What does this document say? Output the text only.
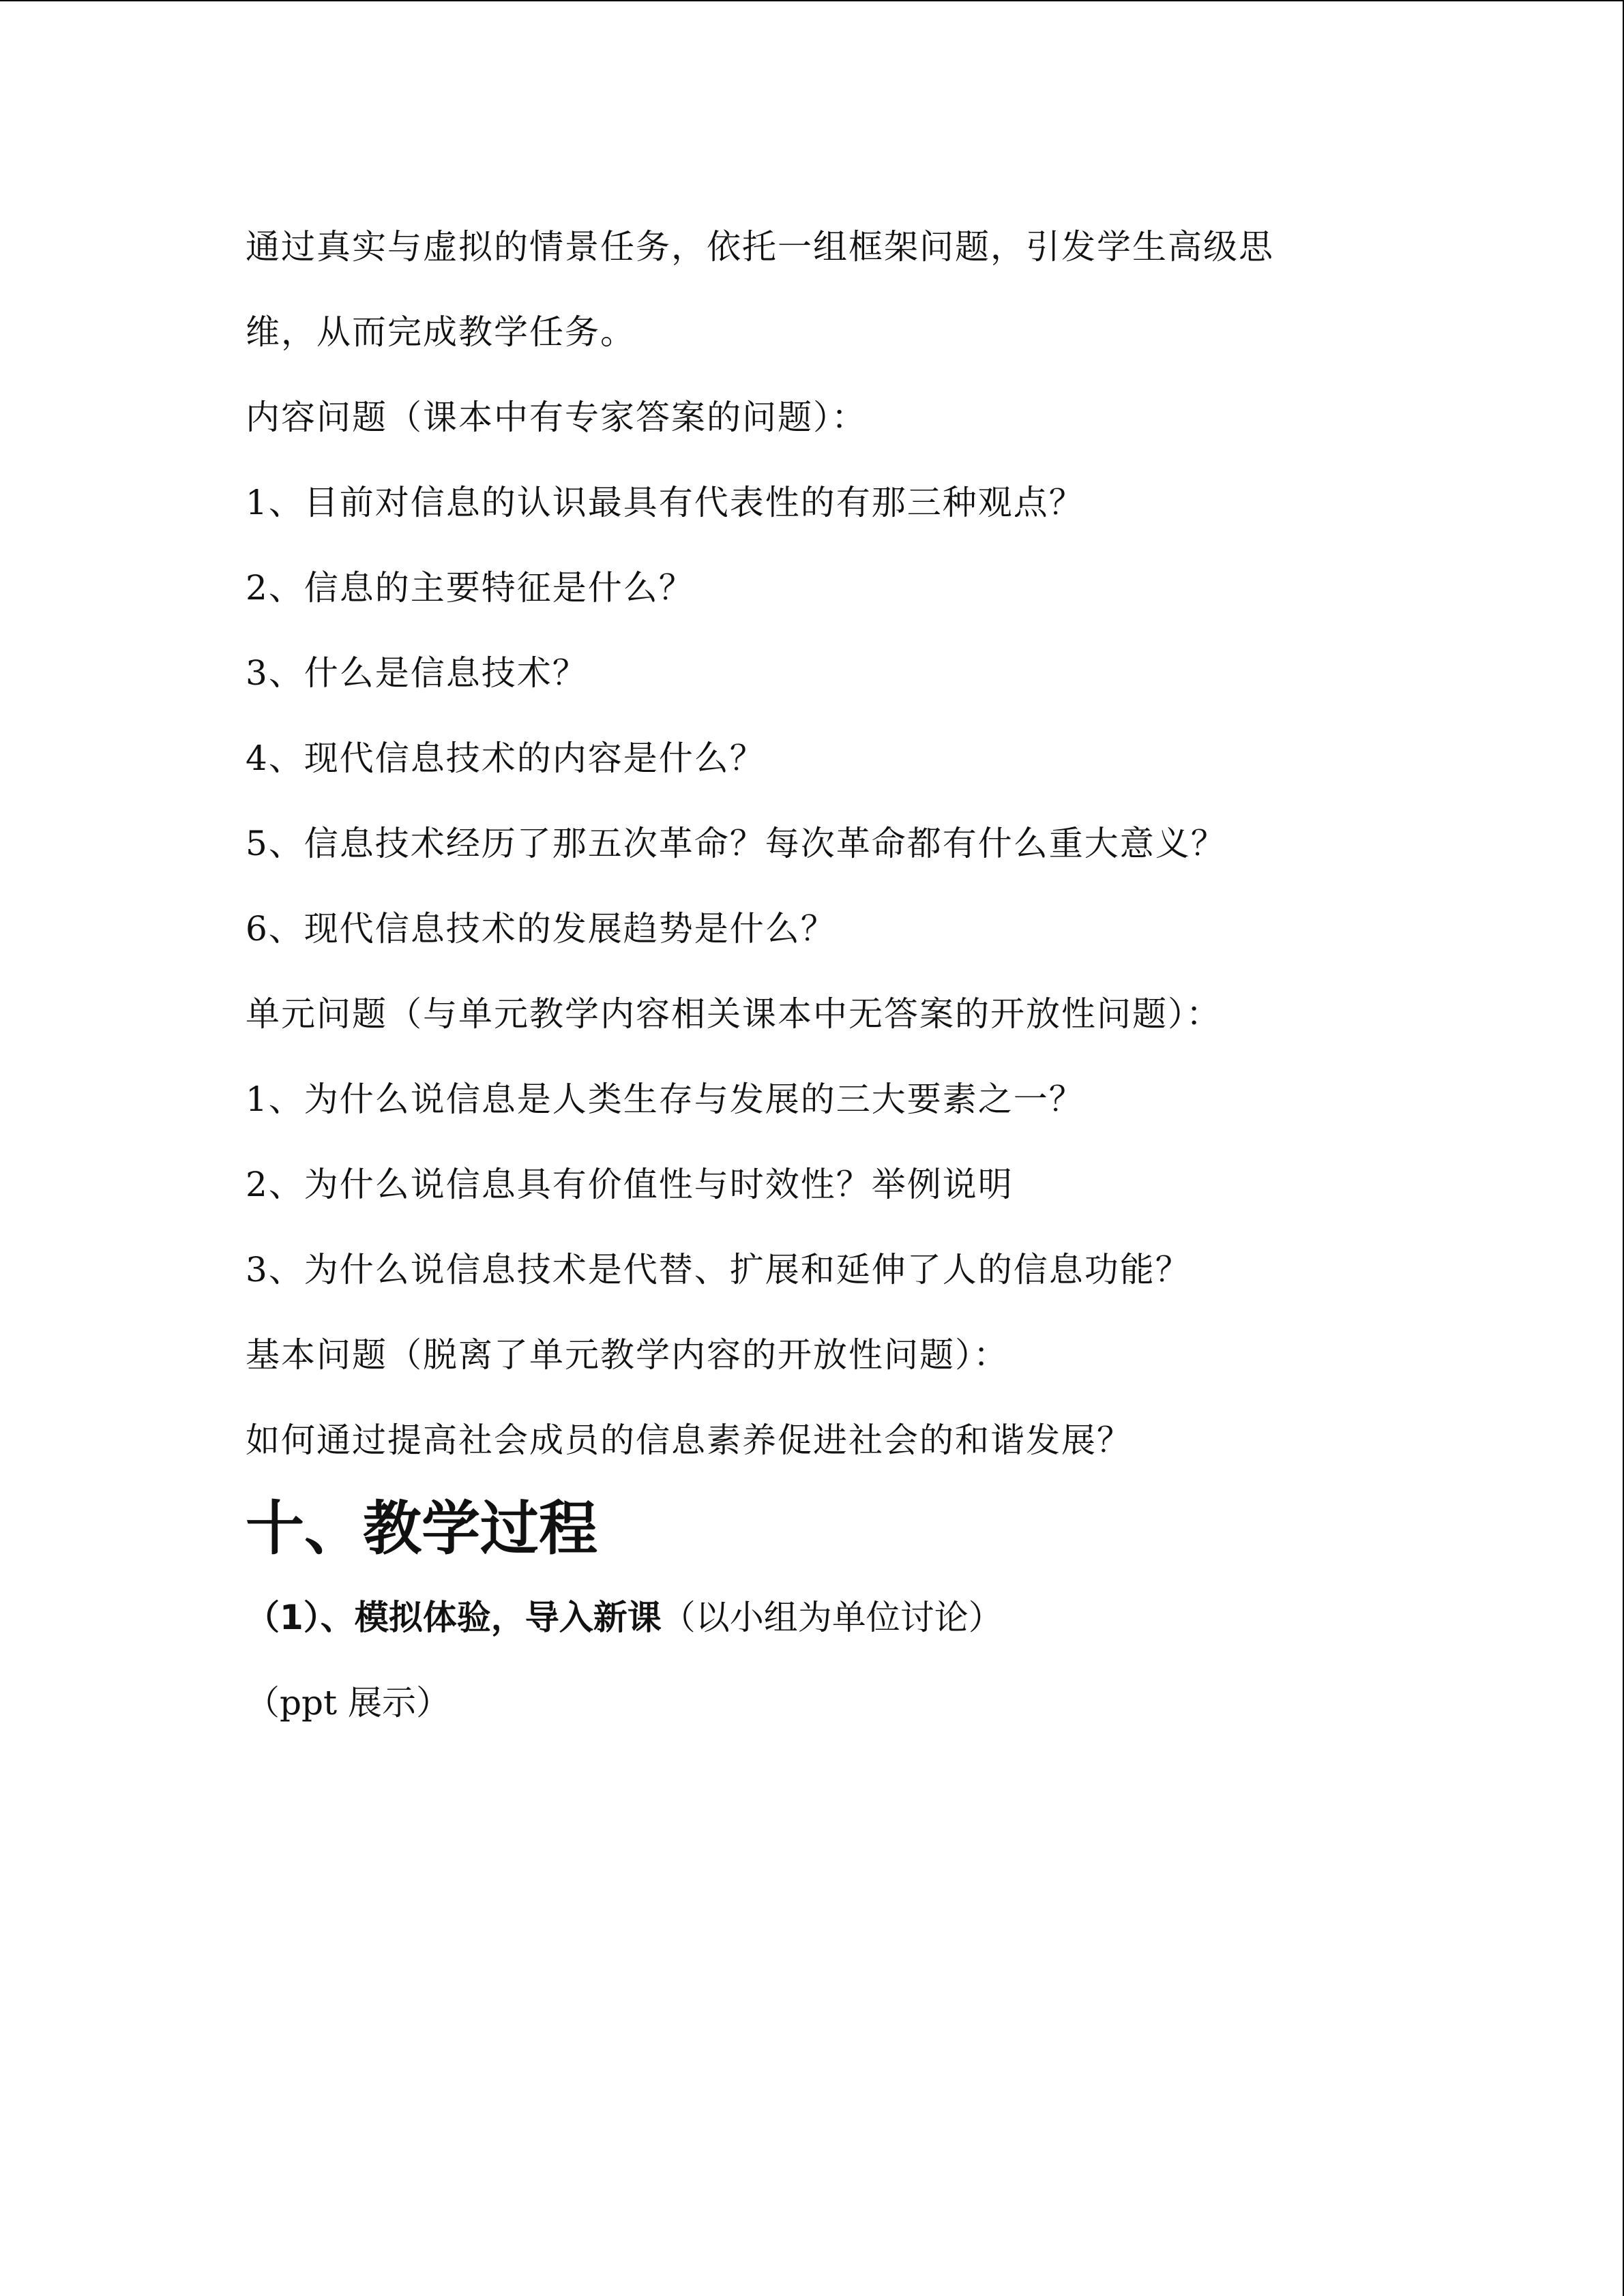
通过真实与虚拟的情景任务，依托一组框架问题，引发学生高级思
维，从而完成教学任务。
内容问题（课本中有专家答案的问题）：
1、目前对信息的认识最具有代表性的有那三种观点？
2、信息的主要特征是什么？
3、什么是信息技术？
4、现代信息技术的内容是什么？
5、信息技术经历了那五次革命？每次革命都有什么重大意义？
6、现代信息技术的发展趋势是什么？
单元问题（与单元教学内容相关课本中无答案的开放性问题）：
1、为什么说信息是人类生存与发展的三大要素之一？
2、为什么说信息具有价值性与时效性？举例说明
3、为什么说信息技术是代替、扩展和延伸了人的信息功能？
基本问题（脱离了单元教学内容的开放性问题）：
如何通过提高社会成员的信息素养促进社会的和谐发展？
十、教学过程
（1）、模拟体验，导入新课（以小组为单位讨论）
（ppt 展示）
